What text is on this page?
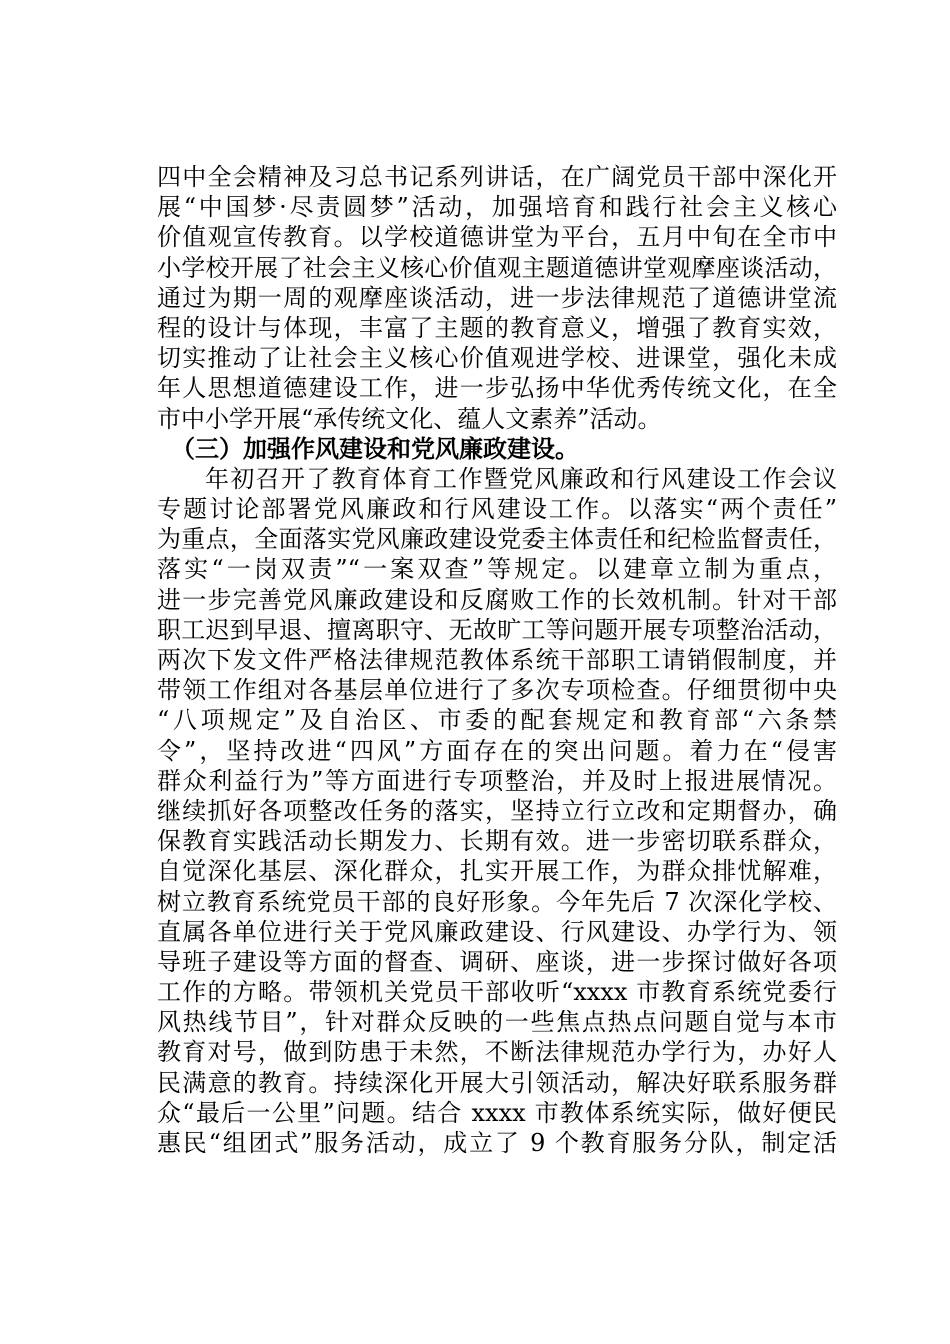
四中全会精神及习总书记系列讲话，在广阔党员干部中深化开
展“中国梦·尽责圆梦”活动，加强培育和践行社会主义核心
价值观宣传教育。以学校道德讲堂为平台，五月中旬在全市中
小学校开展了社会主义核心价值观主题道德讲堂观摩座谈活动，
通过为期一周的观摩座谈活动，进一步法律规范了道德讲堂流
程的设计与体现，丰富了主题的教育意义，增强了教育实效，
切实推动了让社会主义核心价值观进学校、进课堂，强化未成
年人思想道德建设工作，进一步弘扬中华优秀传统文化，在全
市中小学开展“承传统文化、蕴人文素养”活动。
（三）加强作风建设和党风廉政建设。
年初召开了教育体育工作暨党风廉政和行风建设工作会议
专题讨论部署党风廉政和行风建设工作。以落实“两个责任”
为重点，全面落实党风廉政建设党委主体责任和纪检监督责任，
落实“一岗双责”“一案双查”等规定。以建章立制为重点，
进一步完善党风廉政建设和反腐败工作的长效机制。针对干部
职工迟到早退、擅离职守、无故旷工等问题开展专项整治活动，
两次下发文件严格法律规范教体系统干部职工请销假制度，并
带领工作组对各基层单位进行了多次专项检查。仔细贯彻中央
“八项规定”及自治区、市委的配套规定和教育部“六条禁
令”，坚持改进“四风”方面存在的突出问题。着力在“侵害
群众利益行为”等方面进行专项整治，并及时上报进展情况。
继续抓好各项整改任务的落实，坚持立行立改和定期督办，确
保教育实践活动长期发力、长期有效。进一步密切联系群众，
自觉深化基层、深化群众，扎实开展工作，为群众排忧解难，
树立教育系统党员干部的良好形象。今年先后 7 次深化学校、
直属各单位进行关于党风廉政建设、行风建设、办学行为、领
导班子建设等方面的督查、调研、座谈，进一步探讨做好各项
工作的方略。带领机关党员干部收听“xxxx 市教育系统党委行
风热线节目”，针对群众反映的一些焦点热点问题自觉与本市
教育对号，做到防患于未然，不断法律规范办学行为，办好人
民满意的教育。持续深化开展大引领活动，解决好联系服务群
众“最后一公里”问题。结合 xxxx 市教体系统实际，做好便民
惠民“组团式”服务活动，成立了 9 个教育服务分队，制定活
